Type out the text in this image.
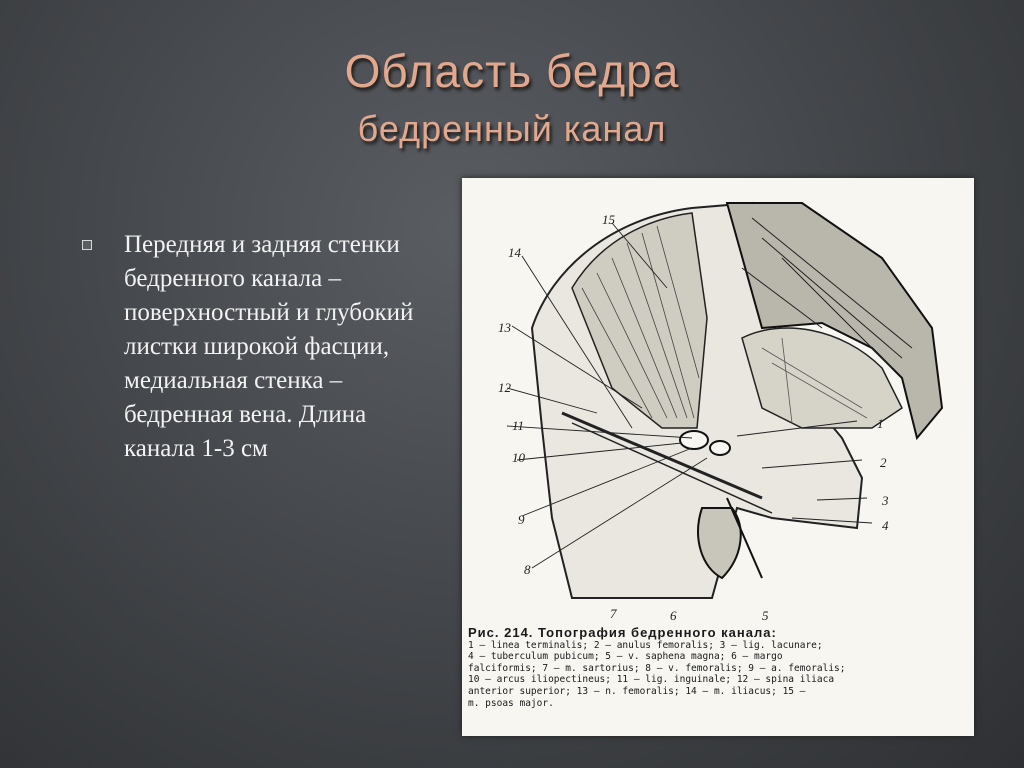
Область бедра
бедренный канал
Передняя и задняя стенки бедренного канала – поверхностный и глубокий листки широкой фасции, медиальная стенка – бедренная вена. Длина канала 1-3 см
1
2
3
4
5
6
7
8
9
10
11
12
13
14
15
Рис. 214. Топография бедренного канала:
1 — linea terminalis; 2 — anulus femoralis; 3 — lig. lacunare;
4 — tuberculum pubicum; 5 — v. saphena magna; 6 — margo
falciformis; 7 — m. sartorius; 8 — v. femoralis; 9 — a. femoralis;
10 — arcus iliopectineus; 11 — lig. inguinale; 12 — spina iliaca
anterior superior; 13 — n. femoralis; 14 — m. iliacus; 15 —
m. psoas major.
